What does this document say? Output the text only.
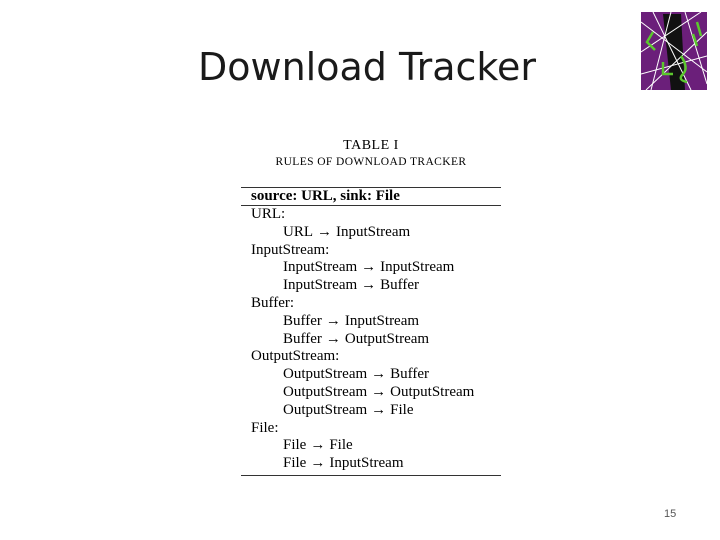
Download Tracker
TABLE I
RULES OF DOWNLOAD TRACKER
source: URL, sink: File
URL:
URL → InputStream
InputStream:
InputStream → InputStream
InputStream → Buffer
Buffer:
Buffer → InputStream
Buffer → OutputStream
OutputStream:
OutputStream → Buffer
OutputStream → OutputStream
OutputStream → File
File:
File → File
File → InputStream
15
